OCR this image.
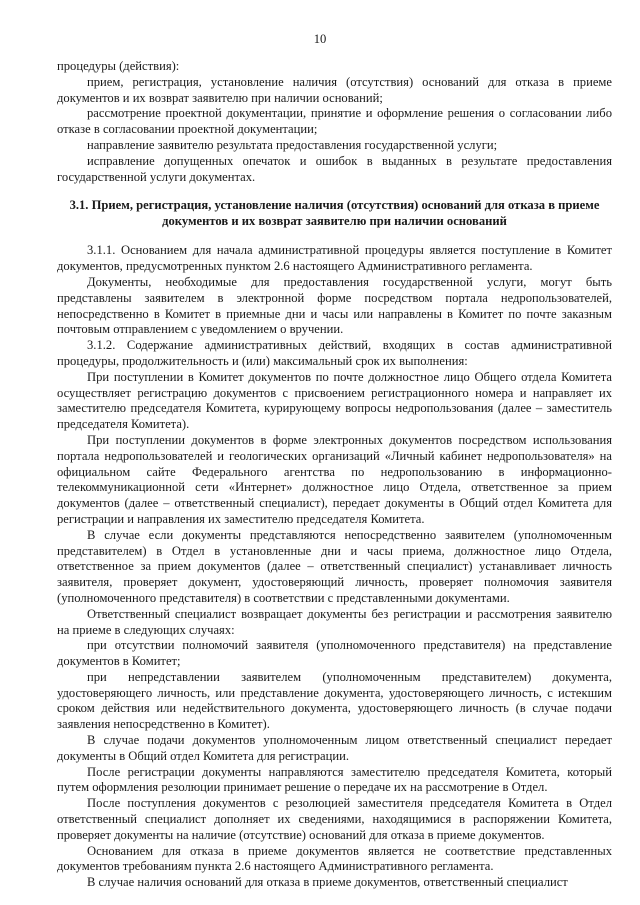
10

процедуры (действия):

прием, регистрация, установление наличия (отсутствия) оснований для отказа в приеме документов и их возврат заявителю при наличии оснований;

рассмотрение проектной документации, принятие и оформление решения о согласовании либо отказе в согласовании проектной документации;

направление заявителю результата предоставления государственной услуги;

исправление допущенных опечаток и ошибок в выданных в результате предоставления государственной услуги документах.

3.1. Прием, регистрация, установление наличия (отсутствия) оснований для отказа в приеме документов и их возврат заявителю при наличии оснований

3.1.1. Основанием для начала административной процедуры является поступление в Комитет документов, предусмотренных пунктом 2.6 настоящего Административного регламента.

Документы, необходимые для предоставления государственной услуги, могут быть представлены заявителем в электронной форме посредством портала недропользователей, непосредственно в Комитет в приемные дни и часы или направлены в Комитет по почте заказным почтовым отправлением с уведомлением о вручении.

3.1.2. Содержание административных действий, входящих в состав административной процедуры, продолжительность и (или) максимальный срок их выполнения:

При поступлении в Комитет документов по почте должностное лицо Общего отдела Комитета осуществляет регистрацию документов с присвоением регистрационного номера и направляет их заместителю председателя Комитета, курирующему вопросы недропользования (далее – заместитель председателя Комитета).

При поступлении документов в форме электронных документов посредством использования портала недропользователей и геологических организаций «Личный кабинет недропользователя» на официальном сайте Федерального агентства по недропользованию в информационно-телекоммуникационной сети «Интернет» должностное лицо Отдела, ответственное за прием документов (далее – ответственный специалист), передает документы в Общий отдел Комитета для регистрации и направления их заместителю председателя Комитета.

В случае если документы представляются непосредственно заявителем (уполномоченным представителем) в Отдел в установленные дни и часы приема, должностное лицо Отдела, ответственное за прием документов (далее – ответственный специалист) устанавливает личность заявителя, проверяет документ, удостоверяющий личность, проверяет полномочия заявителя (уполномоченного представителя) в соответствии с представленными документами.

Ответственный специалист возвращает документы без регистрации и рассмотрения заявителю на приеме в следующих случаях:

при отсутствии полномочий заявителя (уполномоченного представителя) на представление документов в Комитет;

при непредставлении заявителем (уполномоченным представителем) документа, удостоверяющего личность, или представление документа, удостоверяющего личность, с истекшим сроком действия или недействительного документа, удостоверяющего личность (в случае подачи заявления непосредственно в Комитет).

В случае подачи документов уполномоченным лицом ответственный специалист передает документы в Общий отдел Комитета для регистрации.

После регистрации документы направляются заместителю председателя Комитета, который путем оформления резолюции принимает решение о передаче их на рассмотрение в Отдел.

После поступления документов с резолюцией заместителя председателя Комитета в Отдел ответственный специалист дополняет их сведениями, находящимися в распоряжении Комитета, проверяет документы на наличие (отсутствие) оснований для отказа в приеме документов.

Основанием для отказа в приеме документов является не соответствие представленных документов требованиям пункта 2.6 настоящего Административного регламента.

В случае наличия оснований для отказа в приеме документов, ответственный специалист
